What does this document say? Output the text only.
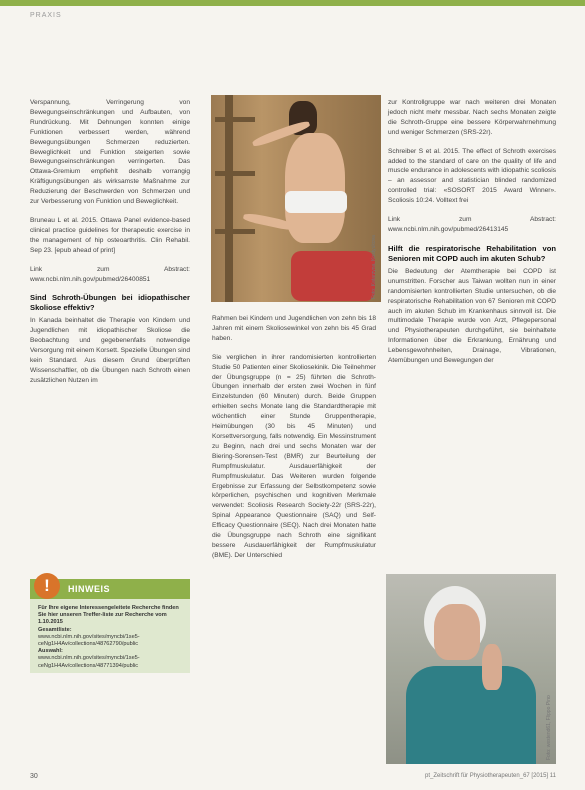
PRAXIS

Verspannung, Verringerung von Bewegungseinschränkungen und Aufbauten, von Rundrückung. Mit Dehnungen konnten einige Funktionen verbessert werden, während Bewegungsübungen Schmerzen reduzierten. Beweglichkeit und Funktion steigerten sowie Bewegungseinschränkungen verringerten. Das Ottawa-Gremium empfiehlt deshalb vorrangig Kräftigungsübungen als wirksamste Maßnahme zur Reduzierung der Beschwerden von Schmerzen und zur Verbesserung von Funktion und Beweglichkeit.

Bruneau L et al. 2015. Ottawa Panel evidence-based clinical practice guidelines for therapeutic exercise in the management of hip osteoarthritis. Clin Rehabil. Sep 23. [epub ahead of print]

Link zum Abstract: www.ncbi.nlm.nih.gov/pubmed/26400851

Sind Schroth-Übungen bei idiopathischer Skoliose effektiv?

In Kanada beinhaltet die Therapie von Kindern und Jugendlichen mit idiopathischer Skoliose die Beobachtung und gegebenenfalls notwendige Versorgung mit einem Korsett. Spezielle Übungen sind kein Standard. Aus diesem Grund überprüften Wissenschaftler, ob die Übungen nach Schroth einen zusätzlichen Nutzen im

HINWEIS
!
Für Ihre eigene Interessengeleitete Recherche finden Sie hier unseren Treffer-liste zur Recherche vom 1.10.2015
Gesamtliste:
www.ncbi.nlm.nih.gov/sites/myncbi/1se5-ceNg1H4Av/collections/48762790/public
Auswahl:
www.ncbi.nlm.nih.gov/sites/myncbi/1se5-ceNg1H4Av/collections/48771394/public
Foto: Katarzyna, Kostyukova

Rahmen bei Kindern und Jugendlichen von zehn bis 18 Jahren mit einem Skoliosewinkel von zehn bis 45 Grad haben.

Sie verglichen in ihrer randomisierten kontrollierten Studie 50 Patienten einer Skoliosekinik. Die Teilnehmer der Übungsgruppe (n = 25) führten die Schroth-Übungen innerhalb der ersten zwei Wochen in fünf Einzelstunden (60 Minuten) durch. Beide Gruppen erhielten sechs Monate lang die Standardtherapie mit wöchentlich einer Stunde Gruppentherapie, Heimübungen (30 bis 45 Minuten) und Korsettversorgung, falls notwendig. Ein Messinstrument zu Beginn, nach drei und sechs Monaten war der Biering-Sorensen-Test (BMR) zur Beurteilung der Rumpfmuskulatur. Ausdauerfähigkeit der Rumpfmuskulatur. Das Weiteren wurden folgende Ergebnisse zur Erfassung der Selbstkompetenz sowie körperlichen, psychischen und kognitiven Merkmale verwendet: Scoliosis Research Society-22r (SRS-22r), Spinal Appearance Questionnaire (SAQ) und Self-Efficacy Questionnaire (SEQ). Nach drei Monaten hatte die Übungsgruppe nach Schroth eine signifikant bessere Ausdauerfähigkeit der Rumpfmuskulatur (BME). Der Unterschied

zur Kontrollgruppe war nach weiteren drei Monaten jedoch nicht mehr messbar. Nach sechs Monaten zeigte die Schroth-Gruppe eine bessere Körperwahrnehmung und weniger Schmerzen (SRS-22r).

Schreiber S et al. 2015. The effect of Schroth exercises added to the standard of care on the quality of life and muscle endurance in adolescents with idiopathic scoliosis – an assessor and statistician blinded randomized controlled trial: «SOSORT 2015 Award Winner». Scoliosis 10:24. Volltext frei

Link zum Abstract: www.ncbi.nlm.nih.gov/pubmed/26413145

Hilft die respiratorische Rehabilitation von Senioren mit COPD auch im akuten Schub?

Die Bedeutung der Atemtherapie bei COPD ist unumstritten. Forscher aus Taiwan wollten nun in einer randomisierten kontrollierten Studie untersuchen, ob die respiratorische Rehabilitation von 67 Senioren mit COPD auch im akuten Schub im Krankenhaus sinnvoll ist. Die multimodale Therapie wurde von Arzt, Pflegepersonal und Physiotherapeuten durchgeführt, sie beinhaltete Informationen über die Erkrankung, Ernährung und Lebensgewohnheiten, Drainage, Vibrationen, Atemübungen und Bewegungen der

Foto: westend61, Flippo Pino
30	pt_Zeitschrift für Physiotherapeuten_67 [2015] 11
